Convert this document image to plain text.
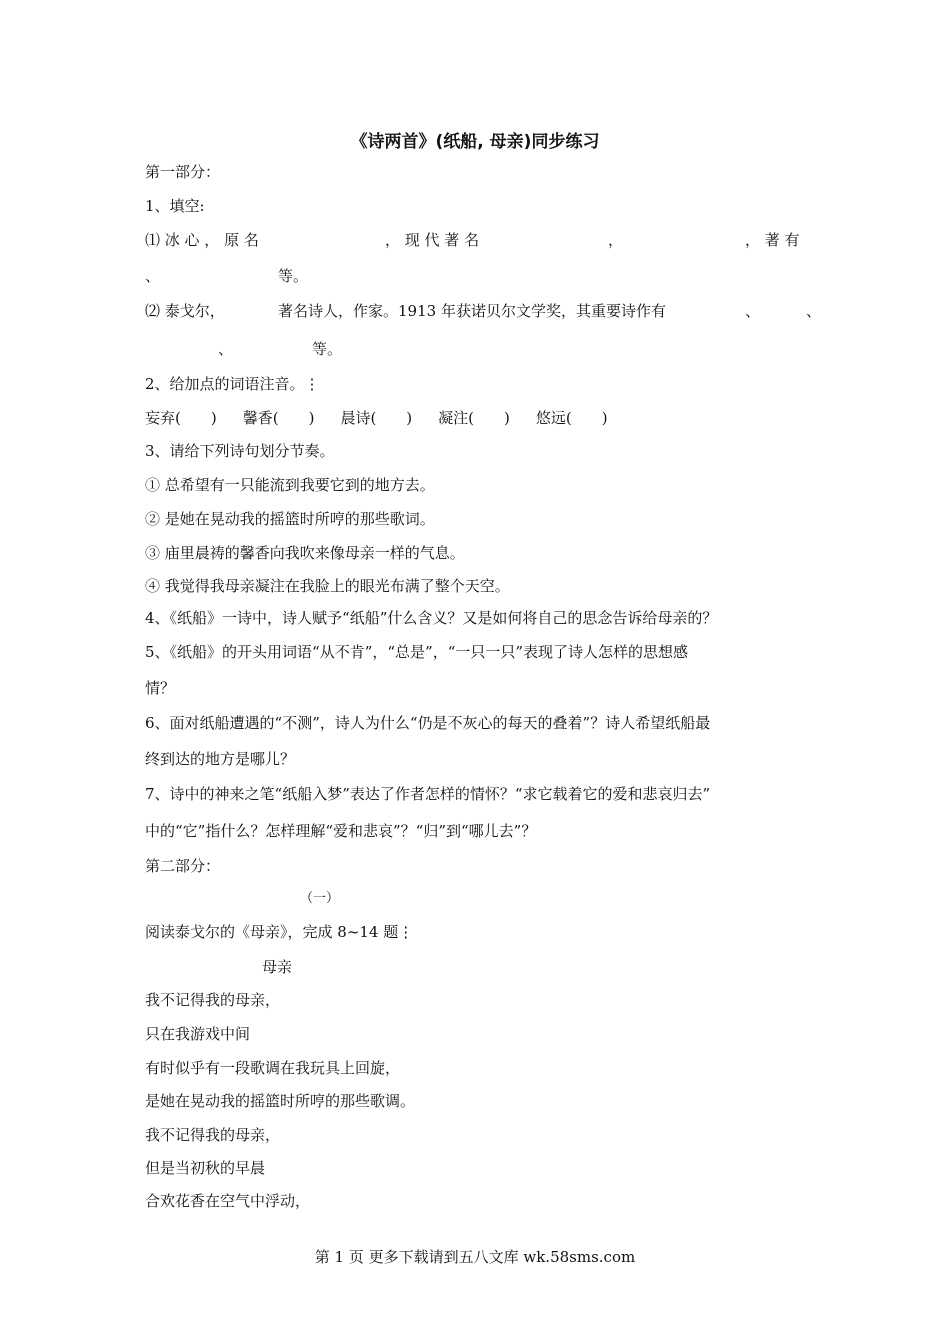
《诗两首》(纸船, 母亲)同步练习
第一部分：
1、填空:
⑴ 冰 心 ， 原 名	， 现 代 著 名	，	， 著 有
、	等。
⑵ 泰戈尔，	著名诗人，作家。1913 年获诺贝尔文学奖，其重要诗作有	、	、
、	等。
2、给加点的词语注音。⋮
妄弃(　　) 馨香(　　) 晨诗(　　) 凝注(　　) 悠远(　　)
3、请给下列诗句划分节奏。
① 总希望有一只能流到我要它到的地方去。
② 是她在晃动我的摇篮时所哼的那些歌词。
③ 庙里晨祷的馨香向我吹来像母亲一样的气息。
④ 我觉得我母亲凝注在我脸上的眼光布满了整个天空。
4、《纸船》一诗中，诗人赋予“纸船”什么含义？又是如何将自己的思念告诉给母亲的？
5、《纸船》的开头用词语“从不肯”，“总是”，“一只一只”表现了诗人怎样的思想感
情？
6、面对纸船遭遇的“不测”，诗人为什么“仍是不灰心的每天的叠着”？诗人希望纸船最
终到达的地方是哪儿？
7、诗中的神来之笔“纸船入梦”表达了作者怎样的情怀？“求它载着它的爱和悲哀归去”
中的“它”指什么？怎样理解“爱和悲哀”？“归”到“哪儿去”？
第二部分：
（一）
阅读泰戈尔的《母亲》，完成 8~14 题⋮
母亲
我不记得我的母亲，
只在我游戏中间
有时似乎有一段歌调在我玩具上回旋，
是她在晃动我的摇篮时所哼的那些歌调。
我不记得我的母亲，
但是当初秋的早晨
合欢花香在空气中浮动，
第 1 页 更多下载请到五八文库 wk.58sms.com
